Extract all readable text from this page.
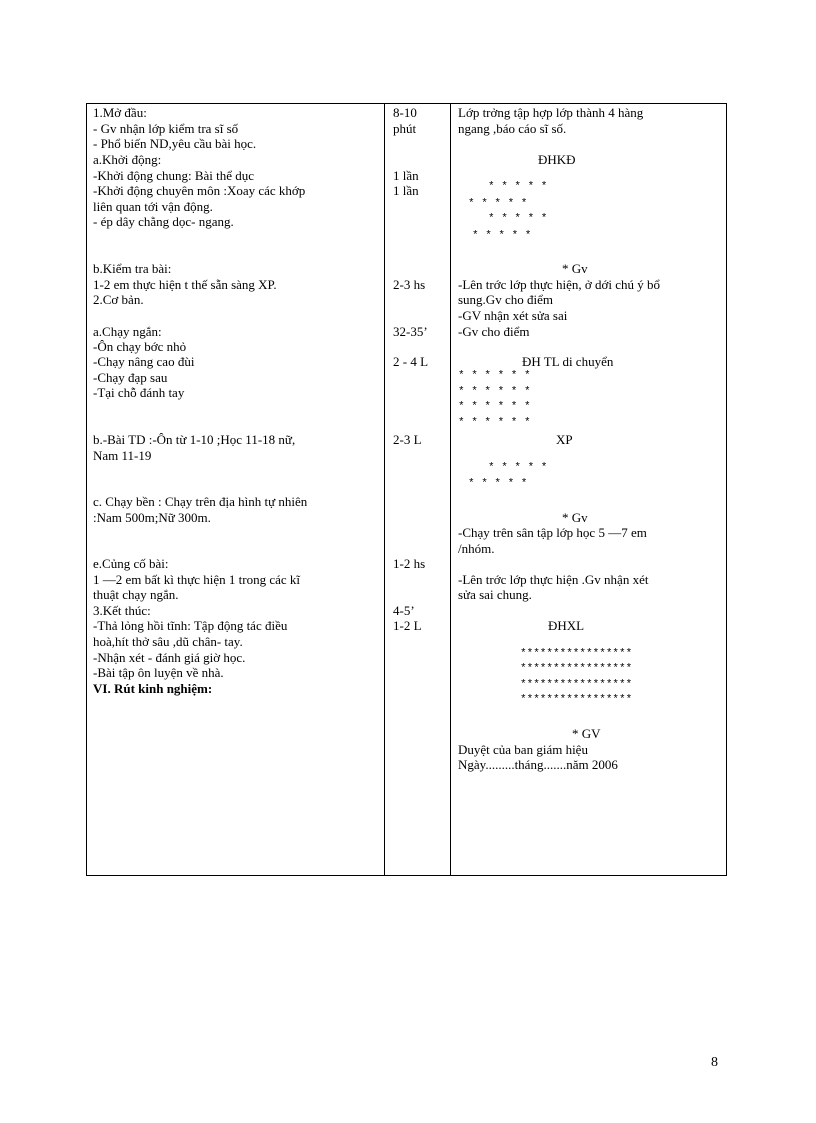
1.Mở đầu:
- Gv nhận lớp kiểm tra sĩ số
- Phổ biến ND,yêu cầu bài học.
a.Khởi động:
-Khởi động chung: Bài thể dục
-Khởi động chuyên môn :Xoay các khớp
liên quan tới vận động.
- ép dây chằng dọc- ngang.
b.Kiểm tra bài:
1-2 em thực hiện t thế sẵn sàng XP.
2.Cơ bản.
a.Chạy ngắn:
-Ôn chạy bớc nhỏ
-Chạy nâng cao đùi
-Chạy đạp sau
-Tại chỗ đánh tay
b.-Bài TD :-Ôn từ 1-10 ;Học 11-18 nữ,
Nam 11-19
c. Chạy bền : Chạy trên địa hình tự nhiên
:Nam 500m;Nữ 300m.
e.Củng cố bài:
1 —2 em bất kì thực hiện 1 trong các kĩ
thuật chạy ngắn.
3.Kết thúc:
-Thả lỏng hồi tĩnh: Tập động tác điều
hoà,hít thở sâu ,dũ chân- tay.
-Nhận xét - đánh giá giờ học.
-Bài tập ôn luyện về nhà.
VI. Rút kinh nghiệm:
8-10
phút
1 lần
1 lần
2-3 hs
32-35’
2 - 4 L
2-3 L
1-2 hs
4-5’
1-2 L
Lớp trởng tập hợp lớp thành 4 hàng
ngang ,báo cáo sĩ số.
ĐHKĐ
* * * * *
* * * * *
* * * * *
* * * * *
* Gv
-Lên trớc lớp thực hiện, ở dới chú ý bổ
sung.Gv cho điểm
-GV nhận xét sửa sai
-Gv cho điểm
ĐH TL di chuyển
* * * * * *
* * * * * *
* * * * * *
* * * * * *
XP
* * * * *
* * * * *
* Gv
-Chạy trên sân tập lớp học 5 —7 em
/nhóm.
-Lên trớc lớp thực hiện .Gv nhận xét
sửa sai chung.
ĐHXL
*****************
*****************
*****************
*****************
* GV
Duyệt của ban giám hiệu
Ngày.........tháng.......năm 2006
8
